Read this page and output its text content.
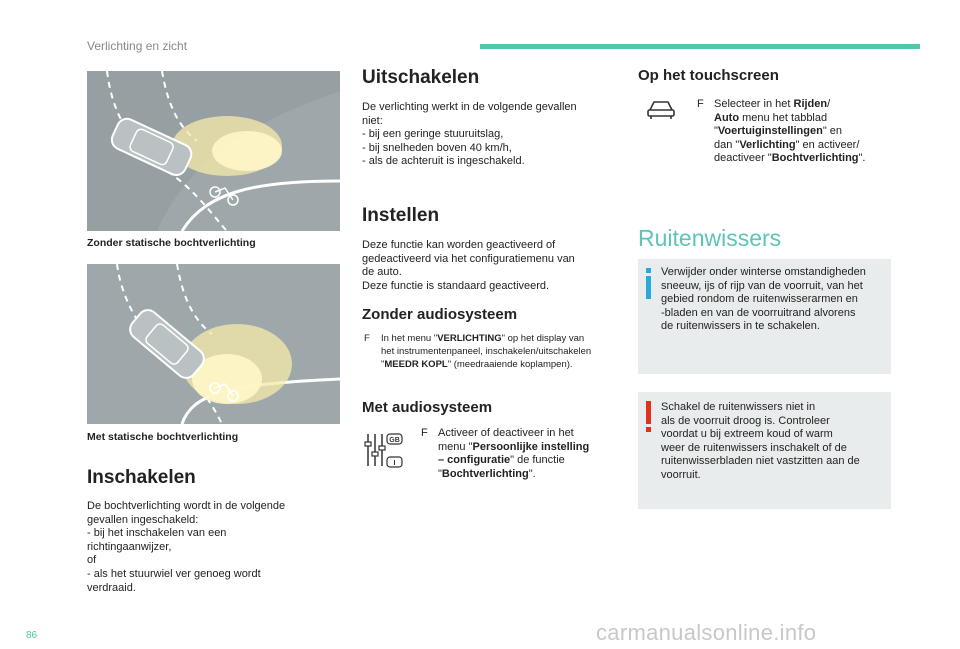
Verlichting en zicht
Zonder statische bochtverlichting
Met statische bochtverlichting
Inschakelen
De bochtverlichting wordt in de volgende
gevallen ingeschakeld:
- bij het inschakelen van een
richtingaanwijzer,
of
- als het stuurwiel ver genoeg wordt
verdraaid.
Uitschakelen
De verlichting werkt in de volgende gevallen
niet:
- bij een geringe stuuruitslag,
- bij snelheden boven 40 km/h,
- als de achteruit is ingeschakeld.
Instellen
Deze functie kan worden geactiveerd of
gedeactiveerd via het configuratiemenu van
de auto.
Deze functie is standaard geactiveerd.
Zonder audiosysteem
F In het menu "VERLICHTING" op het display van
het instrumentenpaneel, inschakelen/uitschakelen
"MEEDR KOPL" (meedraaiende koplampen).
Met audiosysteem
GB
I
F Activeer of deactiveer in het
menu "Persoonlijke instelling
– configuratie" de functie
"Bochtverlichting".
Op het touchscreen
F Selecteer in het Rijden/
Auto menu het tabblad
"Voertuiginstellingen" en
dan "Verlichting" en activeer/
deactiveer "Bochtverlichting".
Ruitenwissers
Verwijder onder winterse omstandigheden
sneeuw, ijs of rijp van de voorruit, van het
gebied rondom de ruitenwisserarmen en
-bladen en van de voorruitrand alvorens
de ruitenwissers in te schakelen.
Schakel de ruitenwissers niet in
als de voorruit droog is. Controleer
voordat u bij extreem koud of warm
weer de ruitenwissers inschakelt of de
ruitenwisserbladen niet vastzitten aan de
voorruit.
86	carmanualsonline.info
